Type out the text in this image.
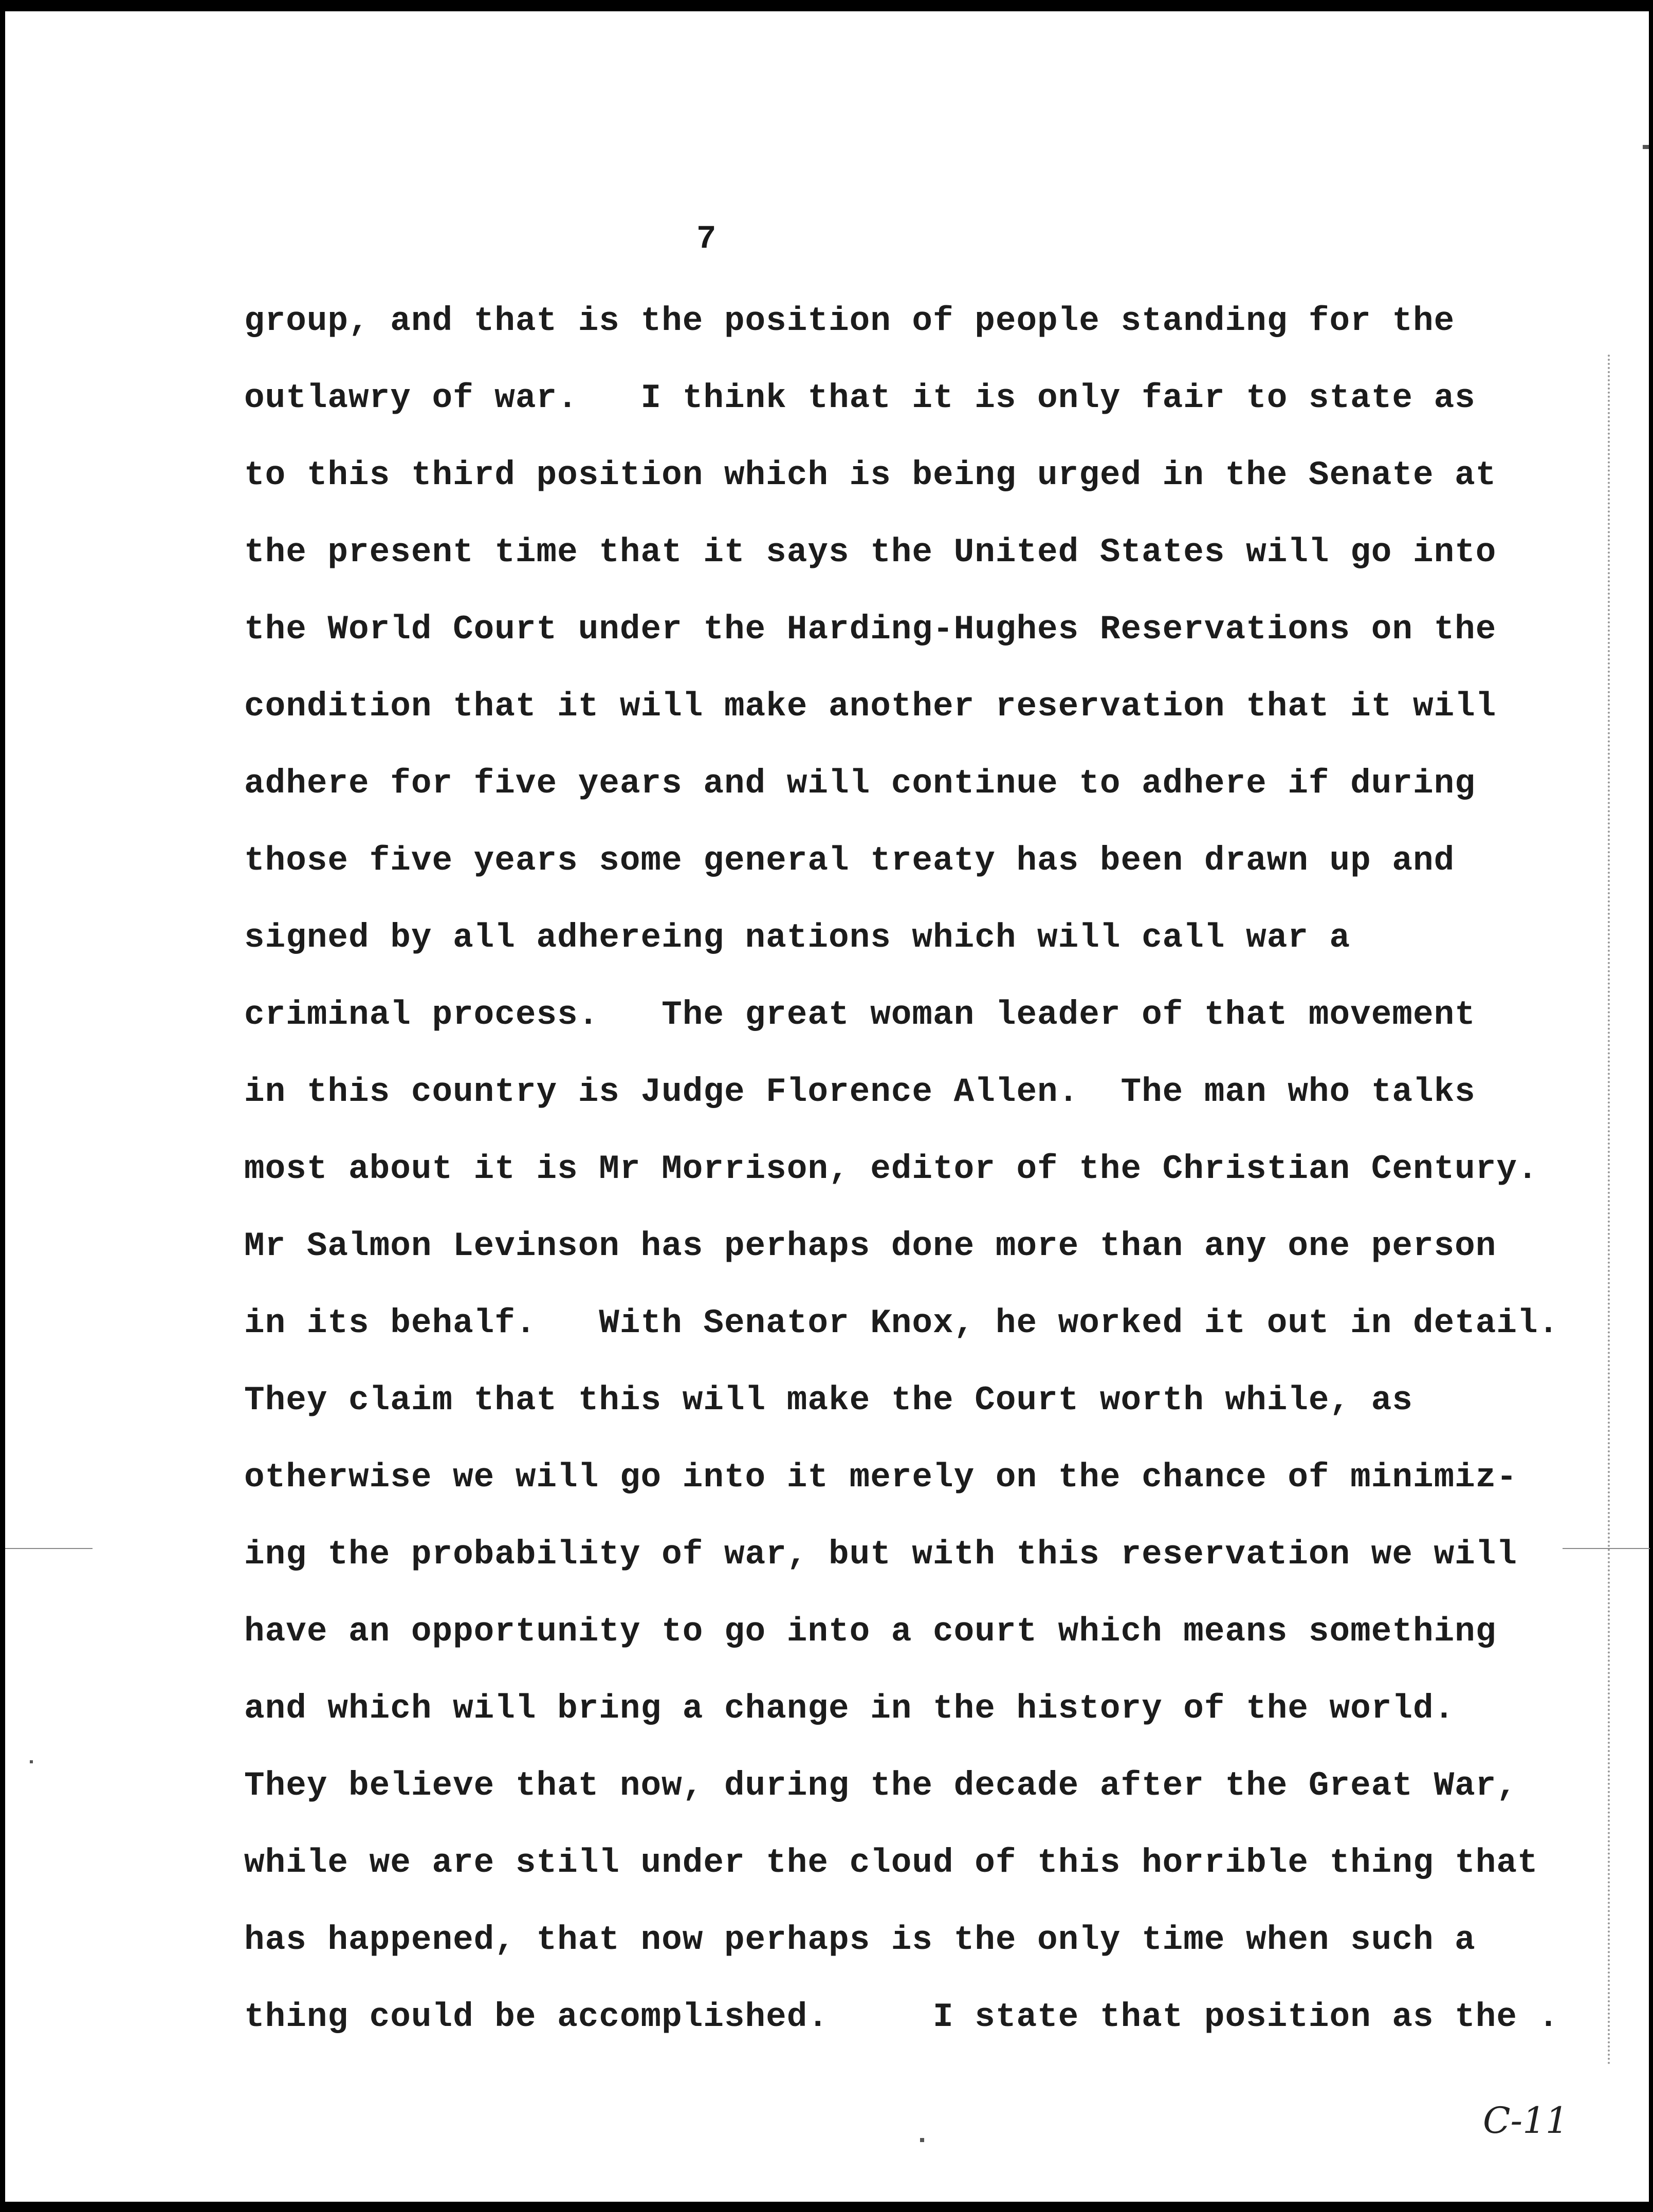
7
group, and that is the position of people standing for the
outlawry of war.   I think that it is only fair to state as
to this third position which is being urged in the Senate at
the present time that it says the United States will go into
the World Court under the Harding-Hughes Reservations on the
condition that it will make another reservation that it will
adhere for five years and will continue to adhere if during
those five years some general treaty has been drawn up and
signed by all adhereing nations which will call war a
criminal process.   The great woman leader of that movement
in this country is Judge Florence Allen.  The man who talks
most about it is Mr Morrison, editor of the Christian Century.
Mr Salmon Levinson has perhaps done more than any one person
in its behalf.   With Senator Knox, he worked it out in detail.
They claim that this will make the Court worth while, as
otherwise we will go into it merely on the chance of minimiz-
ing the probability of war, but with this reservation we will
have an opportunity to go into a court which means something
and which will bring a change in the history of the world.
They believe that now, during the decade after the Great War,
while we are still under the cloud of this horrible thing that
has happened, that now perhaps is the only time when such a
thing could be accomplished.     I state that position as the .
C-11
